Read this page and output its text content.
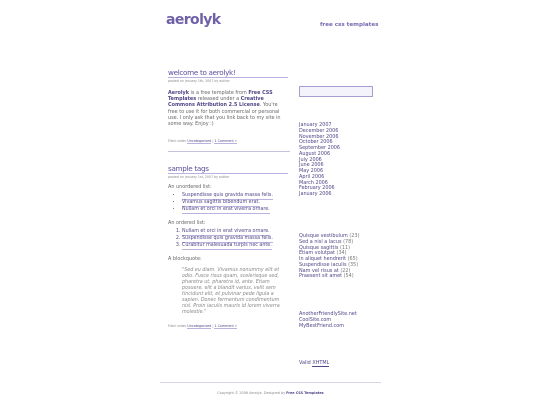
aerolyk	free css templates
welcome to aerolyk!
posted on january 1th, 2007 by author
Aerolyk is a free template from Free CSS Templates released under a Creative Commons Attribution 2.5 License. You're free to use it for both commercial or personal use. I only ask that you link back to my site in some way. Enjoy :)
Filed under Uncategorized | 1 Comment »
sample tags
posted on january 1st, 2007 by author
An unordered list:
• Suspendisse quis gravida massa felis.
• Vivamus sagittis bibendum erat.
• Nullam et orci in erat viverra ornare.
An ordered list:
1. Nullam et orci in erat viverra ornare.
2. Suspendisse quis gravida massa felis.
3. Curabitur malesuada turpis nec ante.
A blockquote:
"Sed eu diam. Vivamus nonummy elit et odio. Fusce risus quam, scelerisque sed, pharetra ut, pharetra id, ante. Etiam posuere, elit a blandit varius, velit sem tincidunt elit, et pulvinar pede ligula a sapien. Donec fermentum condimentum nisl. Proin iaculis mauris id lorem viverra molestie."
Filed under Uncategorized | 1 Comment »
January 2007
December 2006
November 2006
October 2006
September 2006
August 2006
July 2006
June 2006
May 2006
April 2006
March 2006
February 2006
January 2006
Quisque vestibulum (23)
Sed a nisl a lacus (78)
Quisque sagittis (11)
Etiam volutpat (34)
In aliquet hendrerit (65)
Suspendisse iaculis (35)
Nam vel risus at (22)
Praesent sit amet (54)
AnotherFriendlySite.net
CoolSite.com
MyBestFriend.com
Valid XHTML
Copyright © 2006 Aerolyk. Designed by Free CSS Templates
